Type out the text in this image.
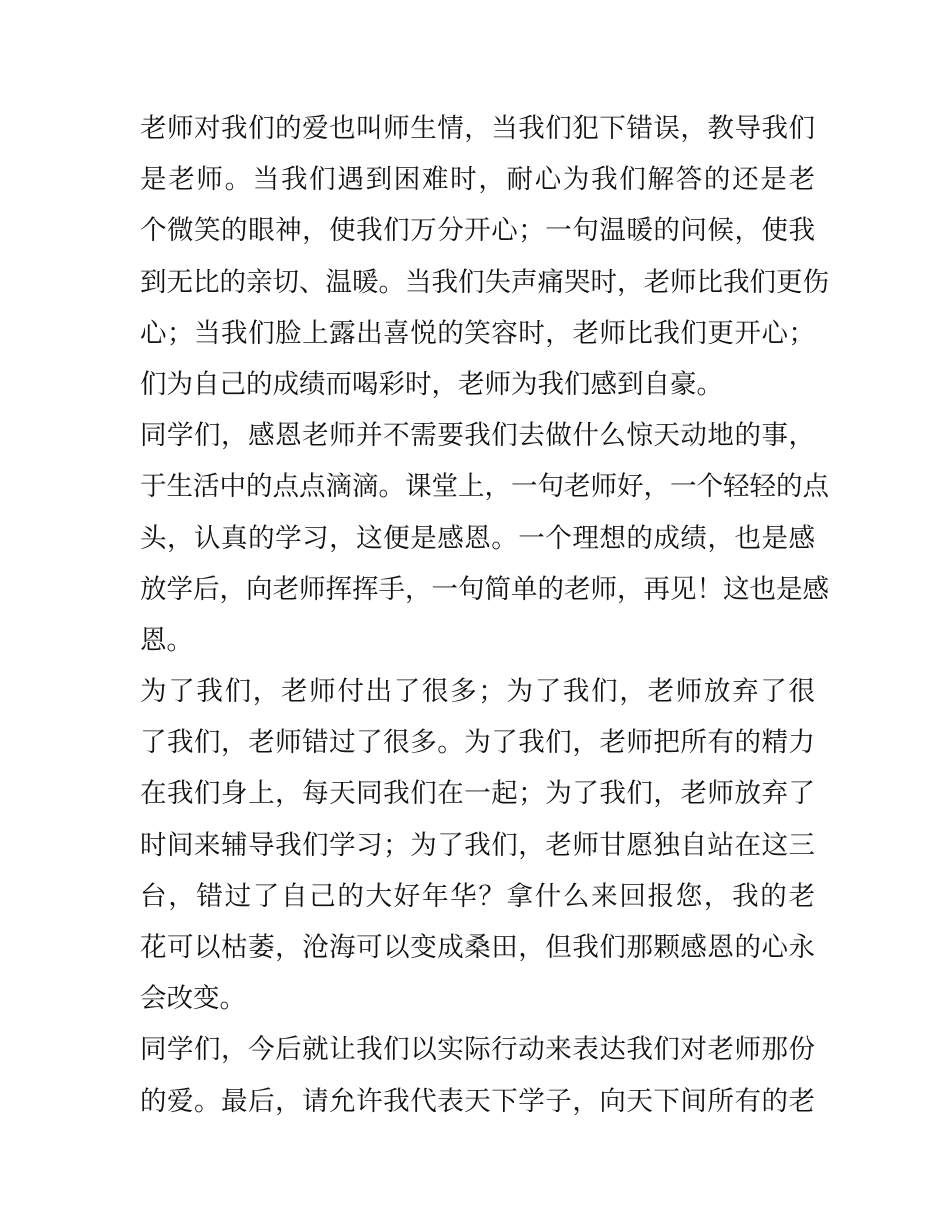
老师对我们的爱也叫师生情，当我们犯下错误，教导我们
是老师。当我们遇到困难时，耐心为我们解答的还是老
个微笑的眼神，使我们万分开心；一句温暖的问候，使我
到无比的亲切、温暖。当我们失声痛哭时，老师比我们更伤
心；当我们脸上露出喜悦的笑容时，老师比我们更开心；
们为自己的成绩而喝彩时，老师为我们感到自豪。
同学们，感恩老师并不需要我们去做什么惊天动地的事，
于生活中的点点滴滴。课堂上，一句老师好，一个轻轻的点
头，认真的学习，这便是感恩。一个理想的成绩，也是感
放学后，向老师挥挥手，一句简单的老师，再见！这也是感
恩。
为了我们，老师付出了很多；为了我们，老师放弃了很
了我们，老师错过了很多。为了我们，老师把所有的精力
在我们身上，每天同我们在一起；为了我们，老师放弃了
时间来辅导我们学习；为了我们，老师甘愿独自站在这三
台，错过了自己的大好年华？拿什么来回报您，我的老
花可以枯萎，沧海可以变成桑田，但我们那颗感恩的心永
会改变。
同学们，今后就让我们以实际行动来表达我们对老师那份
的爱。最后，请允许我代表天下学子，向天下间所有的老
